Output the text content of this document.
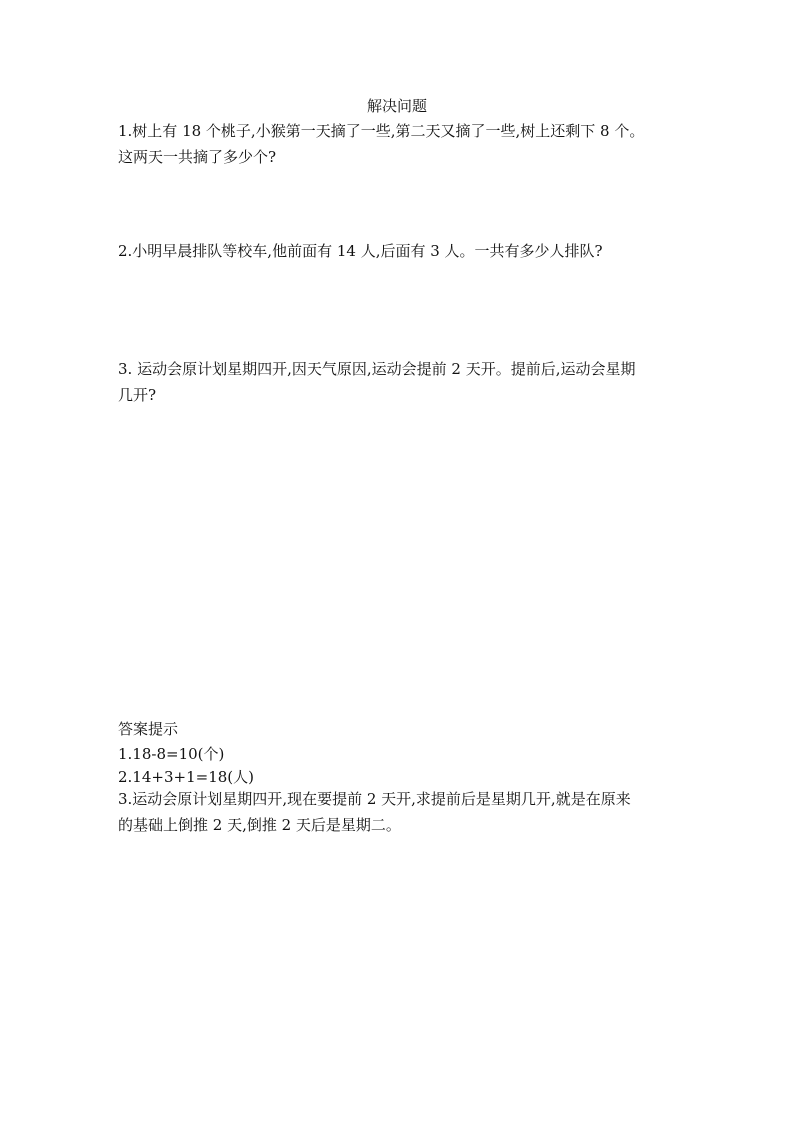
解决问题
1.树上有 18 个桃子,小猴第一天摘了一些,第二天又摘了一些,树上还剩下 8 个。
这两天一共摘了多少个?
2.小明早晨排队等校车,他前面有 14 人,后面有 3 人。一共有多少人排队?
3. 运动会原计划星期四开,因天气原因,运动会提前 2 天开。提前后,运动会星期
几开?
答案提示
1.18-8=10(个)
2.14+3+1=18(人)
3.运动会原计划星期四开,现在要提前 2 天开,求提前后是星期几开,就是在原来
的基础上倒推 2 天,倒推 2 天后是星期二。
